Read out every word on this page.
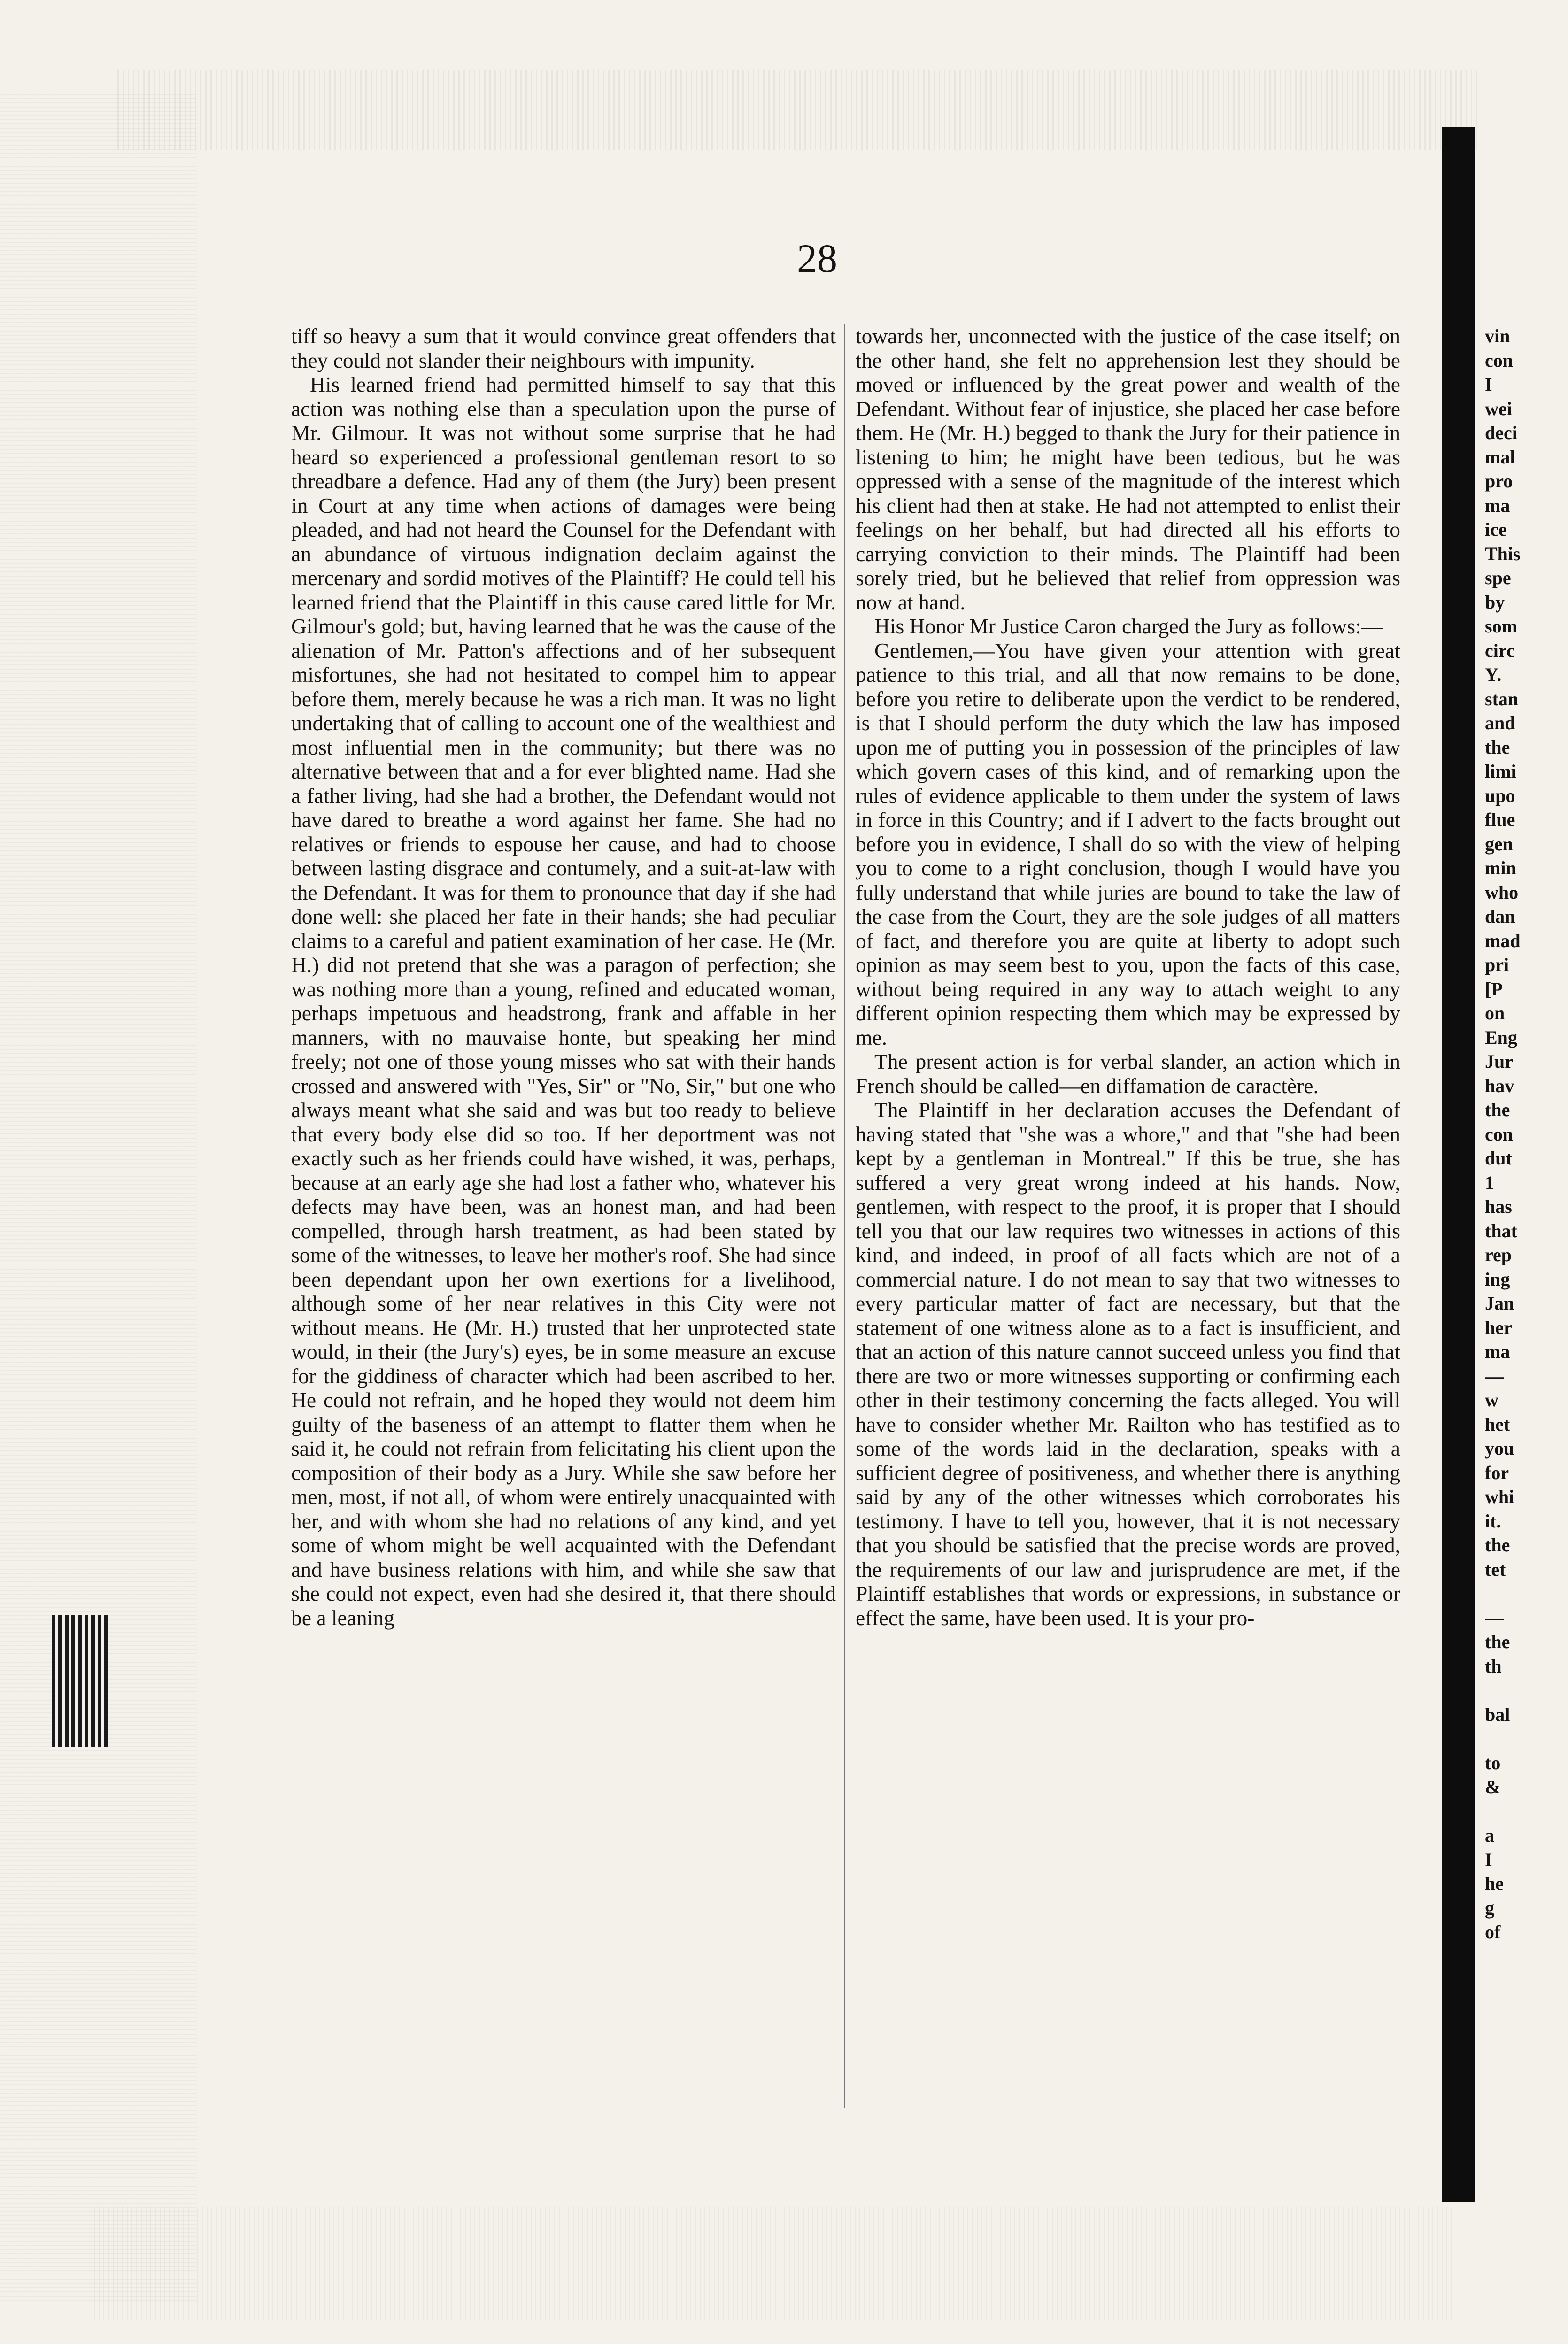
28

tiff so heavy a sum that it would convince great offenders that they could not slander their neighbours with impunity.

His learned friend had permitted himself to say that this action was nothing else than a speculation upon the purse of Mr. Gilmour. It was not without some surprise that he had heard so experienced a professional gentleman resort to so threadbare a defence. Had any of them (the Jury) been present in Court at any time when actions of damages were being pleaded, and had not heard the Counsel for the Defendant with an abundance of virtuous indignation declaim against the mercenary and sordid motives of the Plaintiff? He could tell his learned friend that the Plaintiff in this cause cared little for Mr. Gilmour's gold; but, having learned that he was the cause of the alienation of Mr. Patton's affections and of her subsequent misfortunes, she had not hesitated to compel him to appear before them, merely because he was a rich man. It was no light undertaking that of calling to account one of the wealthiest and most influential men in the community; but there was no alternative between that and a for ever blighted name. Had she a father living, had she had a brother, the Defendant would not have dared to breathe a word against her fame. She had no relatives or friends to espouse her cause, and had to choose between lasting disgrace and contumely, and a suit-at-law with the Defendant. It was for them to pronounce that day if she had done well: she placed her fate in their hands; she had peculiar claims to a careful and patient examination of her case. He (Mr. H.) did not pretend that she was a paragon of perfection; she was nothing more than a young, refined and educated woman, perhaps impetuous and headstrong, frank and affable in her manners, with no mauvaise honte, but speaking her mind freely; not one of those young misses who sat with their hands crossed and answered with "Yes, Sir" or "No, Sir," but one who always meant what she said and was but too ready to believe that every body else did so too. If her deportment was not exactly such as her friends could have wished, it was, perhaps, because at an early age she had lost a father who, whatever his defects may have been, was an honest man, and had been compelled, through harsh treatment, as had been stated by some of the witnesses, to leave her mother's roof. She had since been dependant upon her own exertions for a livelihood, although some of her near relatives in this City were not without means. He (Mr. H.) trusted that her unprotected state would, in their (the Jury's) eyes, be in some measure an excuse for the giddiness of character which had been ascribed to her. He could not refrain, and he hoped they would not deem him guilty of the baseness of an attempt to flatter them when he said it, he could not refrain from felicitating his client upon the composition of their body as a Jury. While she saw before her men, most, if not all, of whom were entirely unacquainted with her, and with whom she had no relations of any kind, and yet some of whom might be well acquainted with the Defendant and have business relations with him, and while she saw that she could not expect, even had she desired it, that there should be a leaning

towards her, unconnected with the justice of the case itself; on the other hand, she felt no apprehension lest they should be moved or influenced by the great power and wealth of the Defendant. Without fear of injustice, she placed her case before them. He (Mr. H.) begged to thank the Jury for their patience in listening to him; he might have been tedious, but he was oppressed with a sense of the magnitude of the interest which his client had then at stake. He had not attempted to enlist their feelings on her behalf, but had directed all his efforts to carrying conviction to their minds. The Plaintiff had been sorely tried, but he believed that relief from oppression was now at hand.

His Honor Mr Justice Caron charged the Jury as follows:—

Gentlemen,—You have given your attention with great patience to this trial, and all that now remains to be done, before you retire to deliberate upon the verdict to be rendered, is that I should perform the duty which the law has imposed upon me of putting you in possession of the principles of law which govern cases of this kind, and of remarking upon the rules of evidence applicable to them under the system of laws in force in this Country; and if I advert to the facts brought out before you in evidence, I shall do so with the view of helping you to come to a right conclusion, though I would have you fully understand that while juries are bound to take the law of the case from the Court, they are the sole judges of all matters of fact, and therefore you are quite at liberty to adopt such opinion as may seem best to you, upon the facts of this case, without being required in any way to attach weight to any different opinion respecting them which may be expressed by me.

The present action is for verbal slander, an action which in French should be called—en diffamation de caractère.

The Plaintiff in her declaration accuses the Defendant of having stated that "she was a whore," and that "she had been kept by a gentleman in Montreal." If this be true, she has suffered a very great wrong indeed at his hands. Now, gentlemen, with respect to the proof, it is proper that I should tell you that our law requires two witnesses in actions of this kind, and indeed, in proof of all facts which are not of a commercial nature. I do not mean to say that two witnesses to every particular matter of fact are necessary, but that the statement of one witness alone as to a fact is insufficient, and that an action of this nature cannot succeed unless you find that there are two or more witnesses supporting or confirming each other in their testimony concerning the facts alleged. You will have to consider whether Mr. Railton who has testified as to some of the words laid in the declaration, speaks with a sufficient degree of positiveness, and whether there is anything said by any of the other witnesses which corroborates his testimony. I have to tell you, however, that it is not necessary that you should be satisfied that the precise words are proved, the requirements of our law and jurisprudence are met, if the Plaintiff establishes that words or expressions, in substance or effect the same, have been used. It is your pro-

vin
con
I
wei
deci
mal
pro
ma
ice
This
spe
by
som
circ
Y.
stan
and
the
limi
upo
flue
gen
min
who
dan
mad
pri
[P
on
Eng
Jur
hav
the
con
dut
1
has
that
rep
ing
Jan
her
ma
—
w
het
you
for
whi
it.
the
tet
—
the
th
bal
to
&
a
I
he
g
of
